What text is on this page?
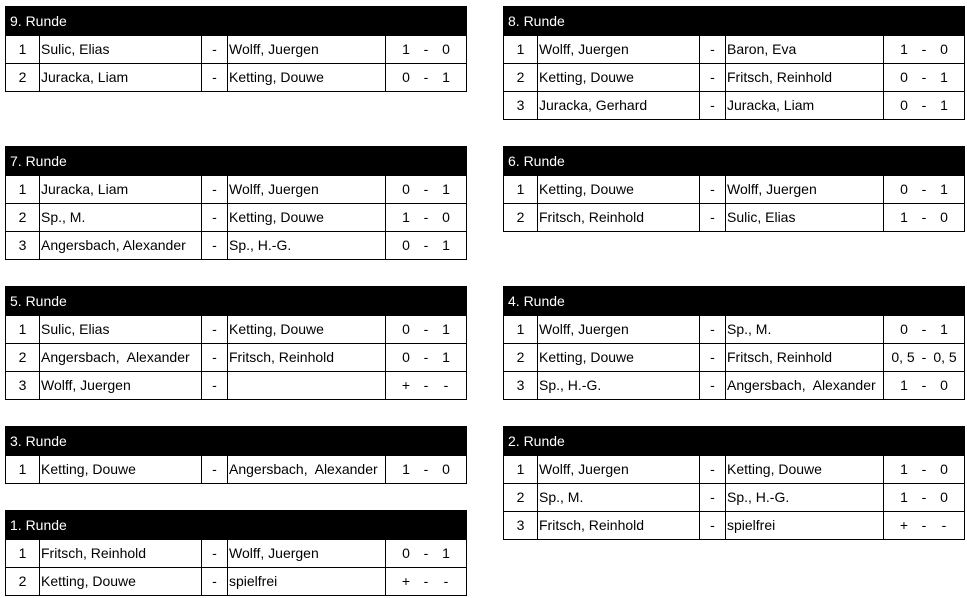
9. Runde
1	Sulic, Elias	- Wolff, Juergen	1 - 0
2	Juracka, Liam	- Ketting, Douwe	0 - 1
8. Runde
1	Wolff, Juergen	- Baron, Eva	1 - 0
2	Ketting, Douwe	- Fritsch, Reinhold	0 - 1
3	Juracka, Gerhard	- Juracka, Liam	0 - 1
7. Runde
1	Juracka, Liam	- Wolff, Juergen	0 - 1
2	Sp., M.	- Ketting, Douwe	1 - 0
3	Angersbach, Alexander	- Sp., H.-G.	0 - 1
6. Runde
1	Ketting, Douwe	- Wolff, Juergen	0 - 1
2	Fritsch, Reinhold	- Sulic, Elias	1 - 0
5. Runde
1	Sulic, Elias	- Ketting, Douwe	0 - 1
2	Angersbach,  Alexander	- Fritsch, Reinhold	0 - 1
3	Wolff, Juergen	-	+ - -
4. Runde
1	Wolff, Juergen	- Sp., M.	0 - 1
2	Ketting, Douwe	- Fritsch, Reinhold	0, 5 - 0, 5
3	Sp., H.-G.	- Angersbach,  Alexander	1 - 0
3. Runde
1	Ketting, Douwe	- Angersbach,  Alexander	1 - 0
2. Runde
1	Wolff, Juergen	- Ketting, Douwe	1 - 0
2	Sp., M.	- Sp., H.-G.	1 - 0
3	Fritsch, Reinhold	- spielfrei	+ - -
1. Runde
1	Fritsch, Reinhold	- Wolff, Juergen	0 - 1
2	Ketting, Douwe	- spielfrei	+ - -
